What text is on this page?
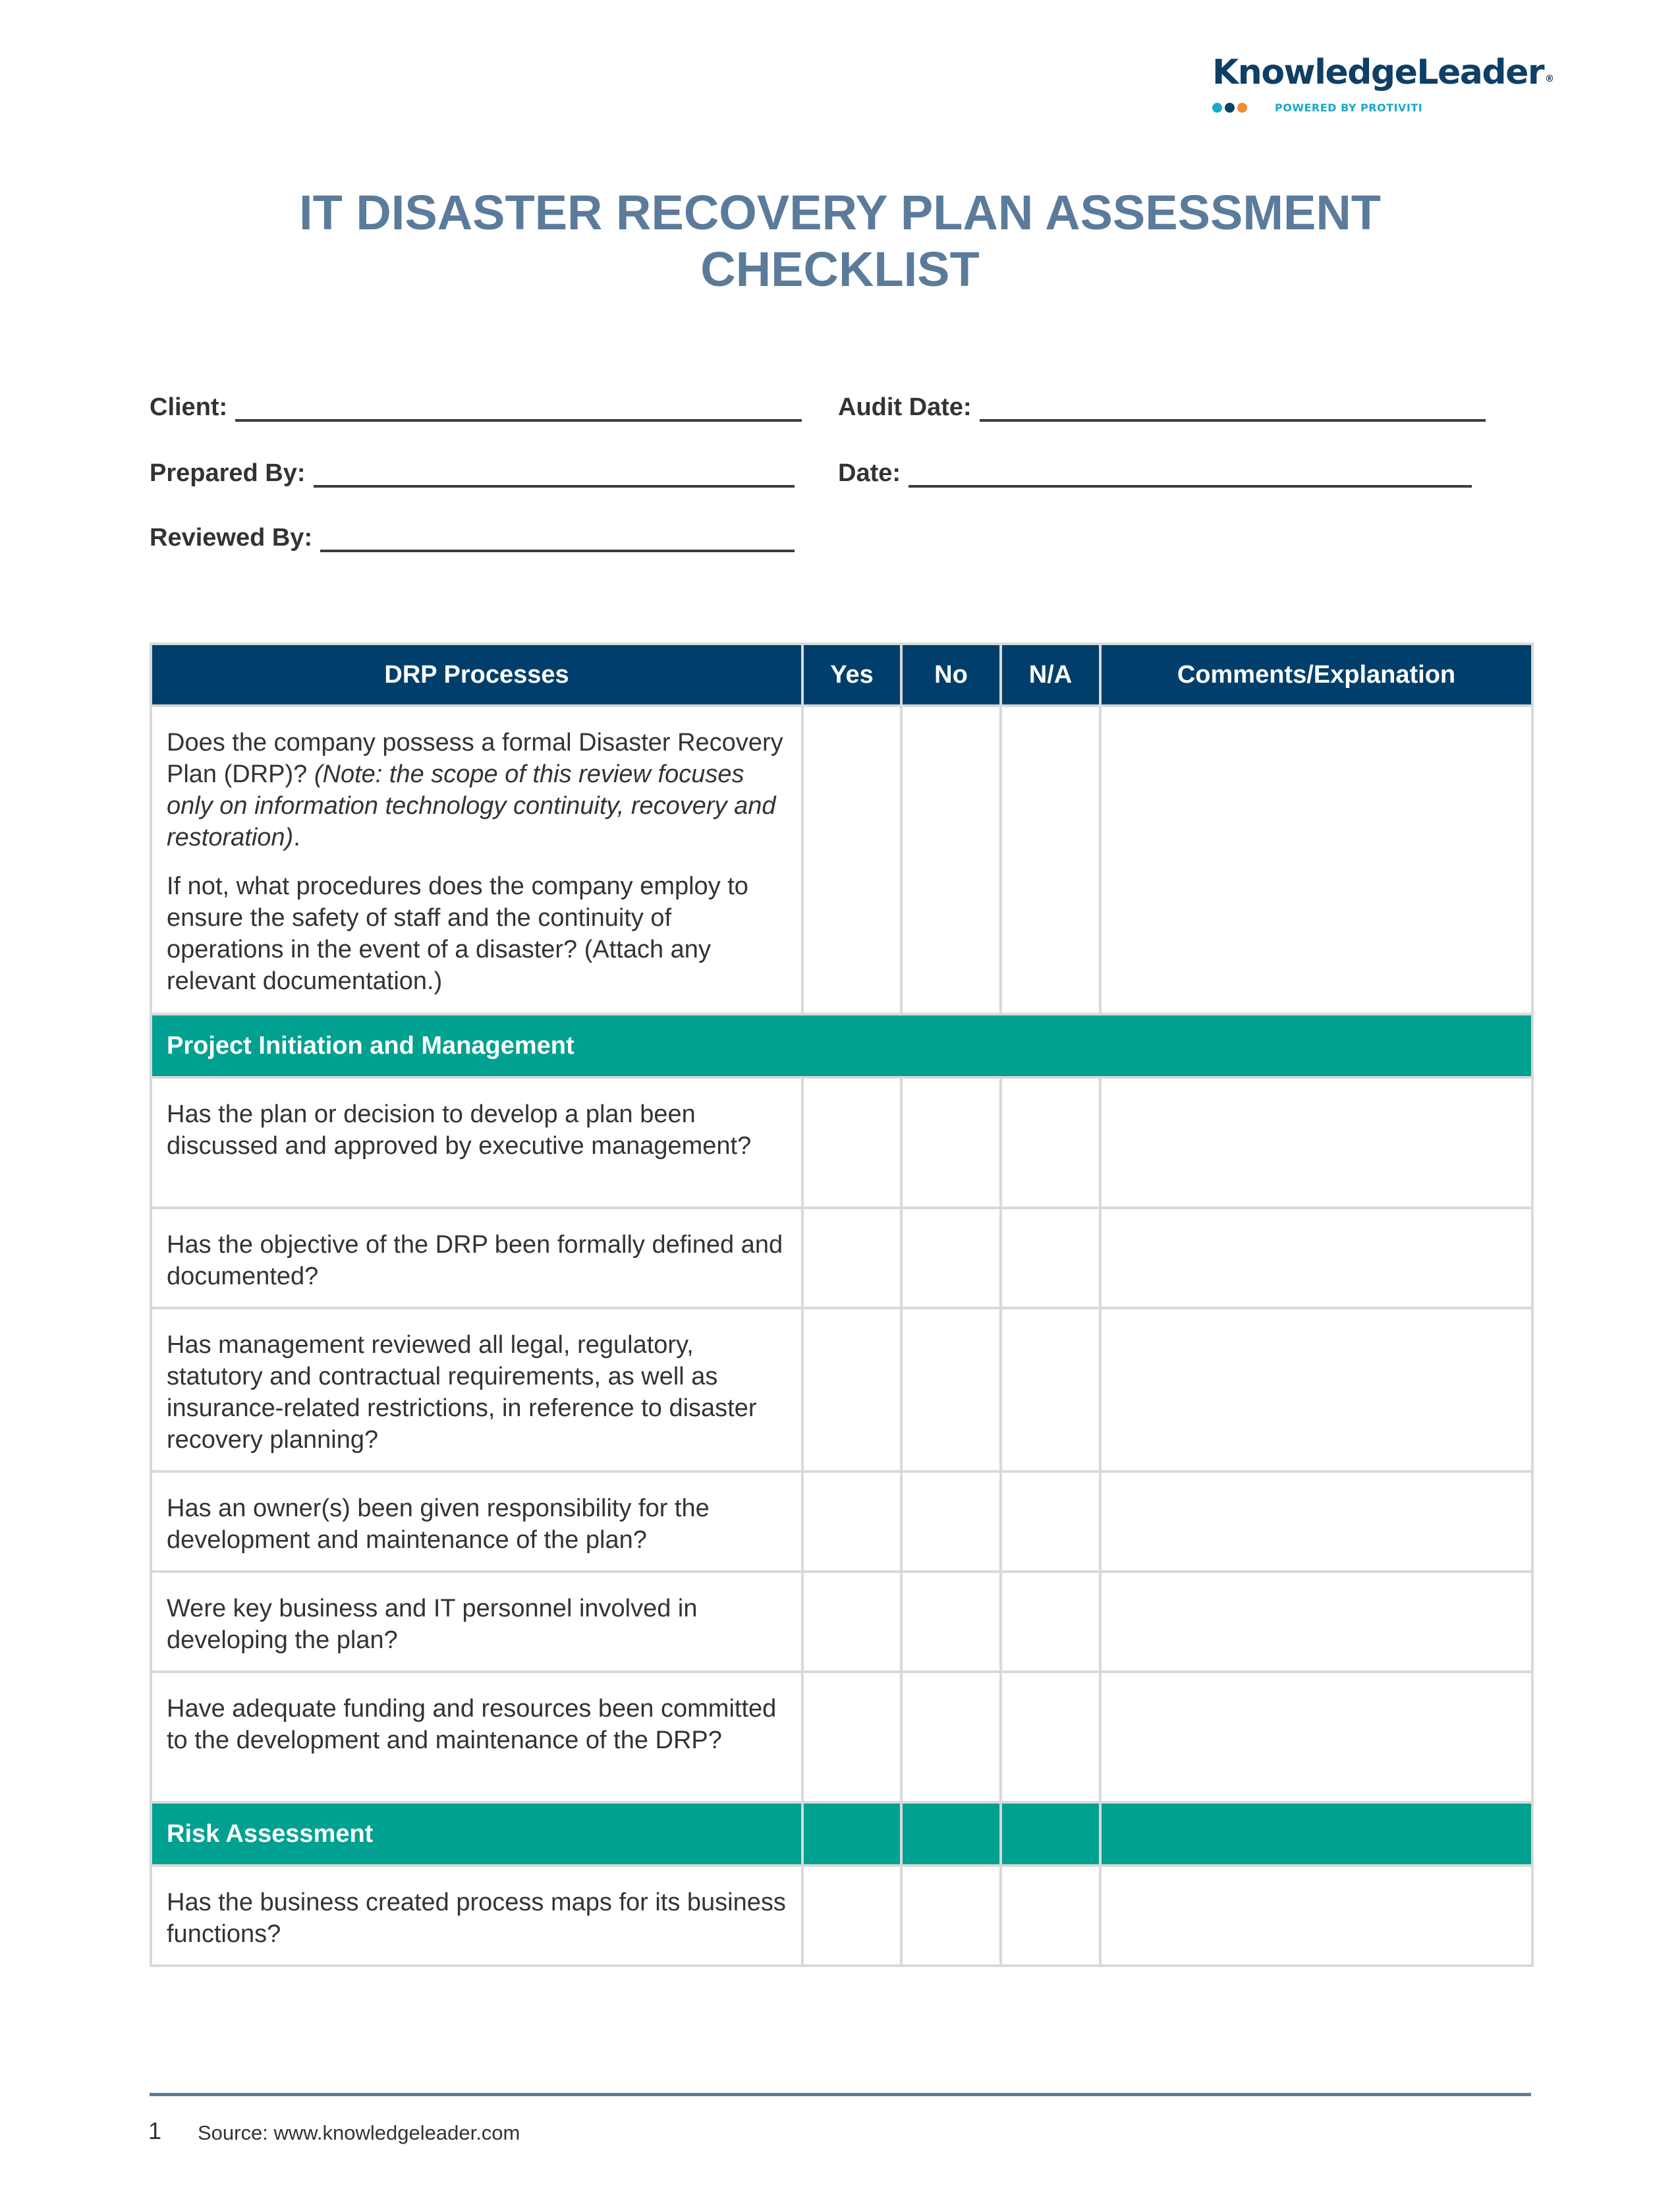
KnowledgeLeader ®
POWERED BY PROTIVITI
IT DISASTER RECOVERY PLAN ASSESSMENT
CHECKLIST
Client:	Audit Date:
Prepared By:	Date:
Reviewed By:
DRP Processes	Yes	No	N/A	Comments/Explanation

Does the company possess a formal Disaster Recovery Plan (DRP)? (Note: the scope of this review focuses only on information technology continuity, recovery and restoration).

If not, what procedures does the company employ to ensure the safety of staff and the continuity of operations in the event of a disaster? (Attach any relevant documentation.)				

Project Initiation and Management				
Has the plan or decision to develop a plan been discussed and approved by executive management?				
Has the objective of the DRP been formally defined and documented?				
Has management reviewed all legal, regulatory, statutory and contractual requirements, as well as insurance-related restrictions, in reference to disaster recovery planning?				
Has an owner(s) been given responsibility for the development and maintenance of the plan?				
Were key business and IT personnel involved in developing the plan?				
Have adequate funding and resources been committed to the development and maintenance of the DRP?				
Risk Assessment				
Has the business created process maps for its business functions?				
1 Source: www.knowledgeleader.com
